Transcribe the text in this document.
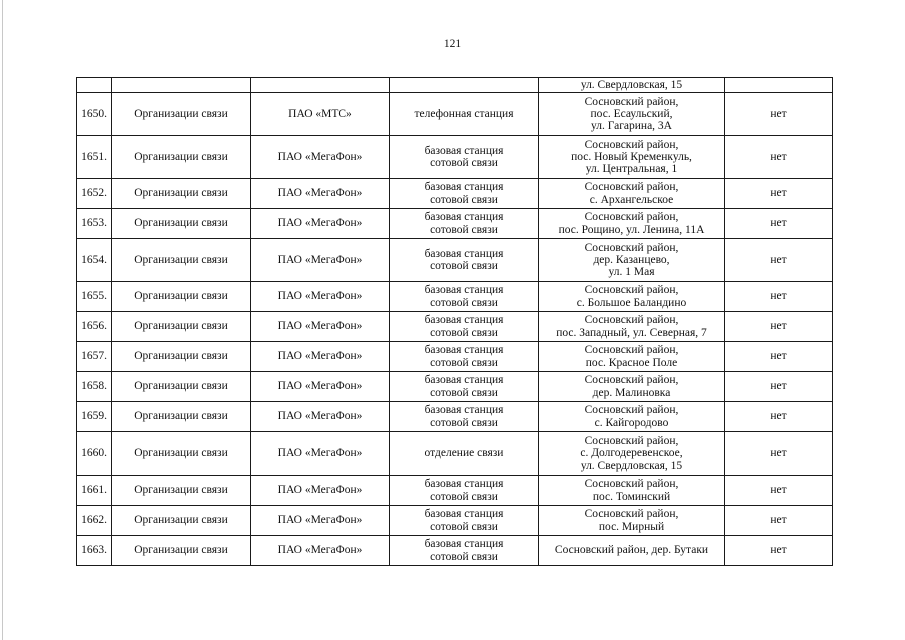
121
				ул. Свердловская, 15	
1650.	Организации связи	ПАО «МТС»	телефонная станция	Сосновский район,
пос. Есаульский,
ул. Гагарина, 3А	нет
1651.	Организации связи	ПАО «МегаФон»	базовая станция
сотовой связи	Сосновский район,
пос. Новый Кременкуль,
ул. Центральная, 1	нет
1652.	Организации связи	ПАО «МегаФон»	базовая станция
сотовой связи	Сосновский район,
с. Архангельское	нет
1653.	Организации связи	ПАО «МегаФон»	базовая станция
сотовой связи	Сосновский район,
пос. Рощино, ул. Ленина, 11А	нет
1654.	Организации связи	ПАО «МегаФон»	базовая станция
сотовой связи	Сосновский район,
дер. Казанцево,
ул. 1 Мая	нет
1655.	Организации связи	ПАО «МегаФон»	базовая станция
сотовой связи	Сосновский район,
с. Большое Баландино	нет
1656.	Организации связи	ПАО «МегаФон»	базовая станция
сотовой связи	Сосновский район,
пос. Западный, ул. Северная, 7	нет
1657.	Организации связи	ПАО «МегаФон»	базовая станция
сотовой связи	Сосновский район,
пос. Красное Поле	нет
1658.	Организации связи	ПАО «МегаФон»	базовая станция
сотовой связи	Сосновский район,
дер. Малиновка	нет
1659.	Организации связи	ПАО «МегаФон»	базовая станция
сотовой связи	Сосновский район,
с. Кайгородово	нет
1660.	Организации связи	ПАО «МегаФон»	отделение связи	Сосновский район,
с. Долгодеревенское,
ул. Свердловская, 15	нет
1661.	Организации связи	ПАО «МегаФон»	базовая станция
сотовой связи	Сосновский район,
пос. Томинский	нет
1662.	Организации связи	ПАО «МегаФон»	базовая станция
сотовой связи	Сосновский район,
пос. Мирный	нет
1663.	Организации связи	ПАО «МегаФон»	базовая станция
сотовой связи	Сосновский район, дер. Бутаки	нет
